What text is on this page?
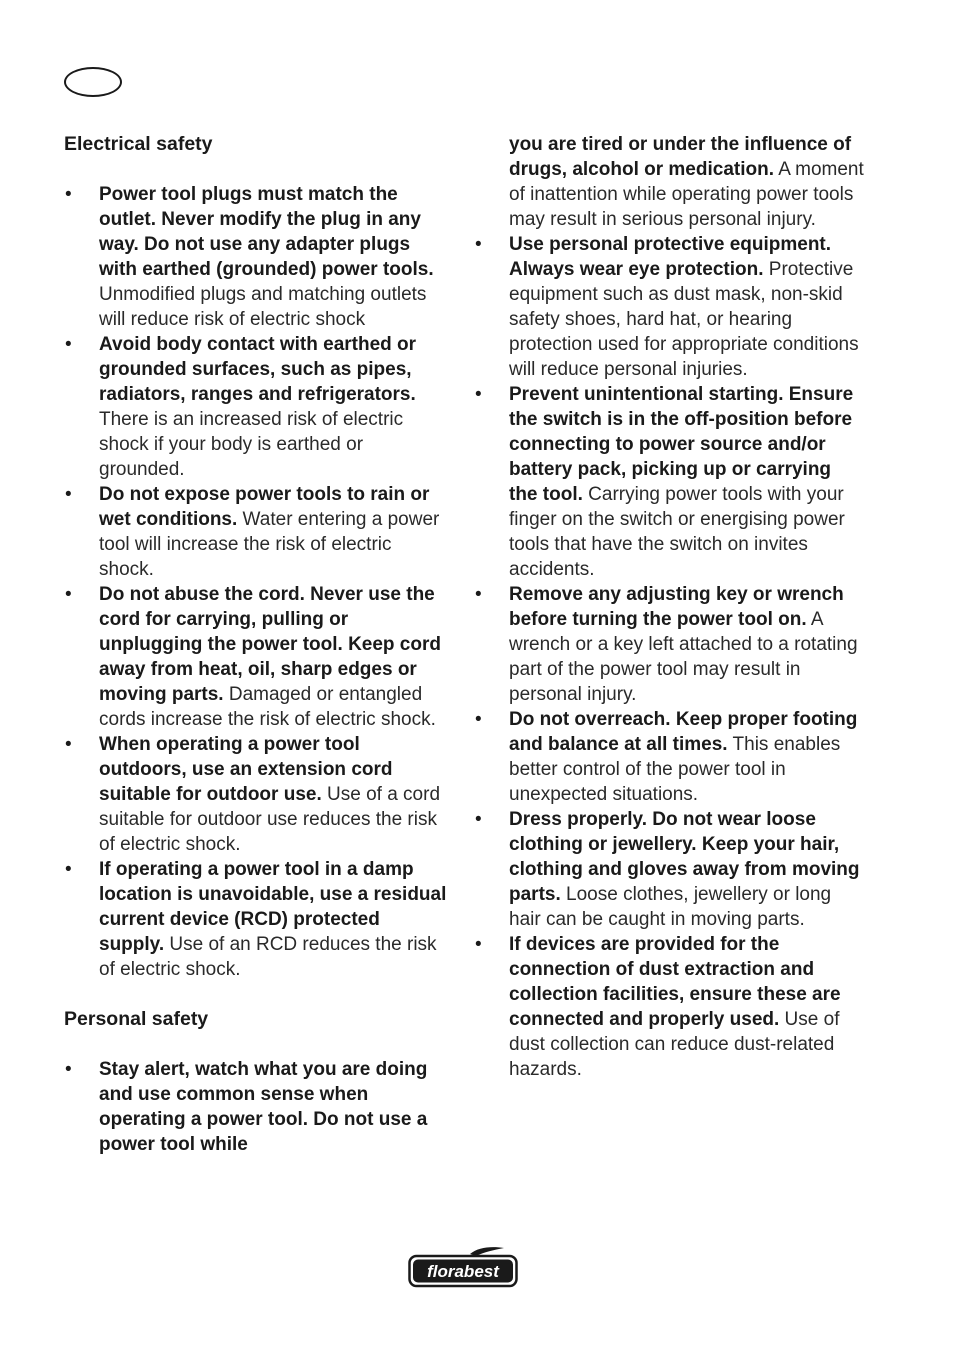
Electrical safety
• Power tool plugs must match the outlet. Never modify the plug in any way. Do not use any adapter plugs with earthed (grounded) power tools. Unmodified plugs and matching outlets will reduce risk of electric shock
• Avoid body contact with earthed or grounded surfaces, such as pipes, radiators, ranges and refrigerators. There is an increased risk of electric shock if your body is earthed or grounded.
• Do not expose power tools to rain or wet conditions. Water entering a power tool will increase the risk of electric shock.
• Do not abuse the cord. Never use the cord for carrying, pulling or unplugging the power tool. Keep cord away from heat, oil, sharp edges or moving parts. Damaged or entangled cords increase the risk of electric shock.
• When operating a power tool outdoors, use an extension cord suitable for outdoor use. Use of a cord suitable for outdoor use reduces the risk of electric shock.
• If operating a power tool in a damp location is unavoidable, use a residual current device (RCD) protected supply. Use of an RCD reduces the risk of electric shock.
Personal safety
• Stay alert, watch what you are doing and use common sense when operating a power tool. Do not use a power tool while
you are tired or under the influence of drugs, alcohol or medication. A moment of inattention while operating power tools may result in serious personal injury.
• Use personal protective equipment. Always wear eye protection. Protective equipment such as dust mask, non-skid safety shoes, hard hat, or hearing protection used for appropriate conditions will reduce personal injuries.
• Prevent unintentional starting. Ensure the switch is in the off-position before connecting to power source and/or battery pack, picking up or carrying the tool. Carrying power tools with your finger on the switch or energising power tools that have the switch on invites accidents.
• Remove any adjusting key or wrench before turning the power tool on. A wrench or a key left attached to a rotating part of the power tool may result in personal injury.
• Do not overreach. Keep proper footing and balance at all times. This enables better control of the power tool in unexpected situations.
• Dress properly. Do not wear loose clothing or jewellery. Keep your hair, clothing and gloves away from moving parts. Loose clothes, jewellery or long hair can be caught in moving parts.
• If devices are provided for the connection of dust extraction and collection facilities, ensure these are connected and properly used. Use of dust collection can reduce dust-related hazards.
florabest
